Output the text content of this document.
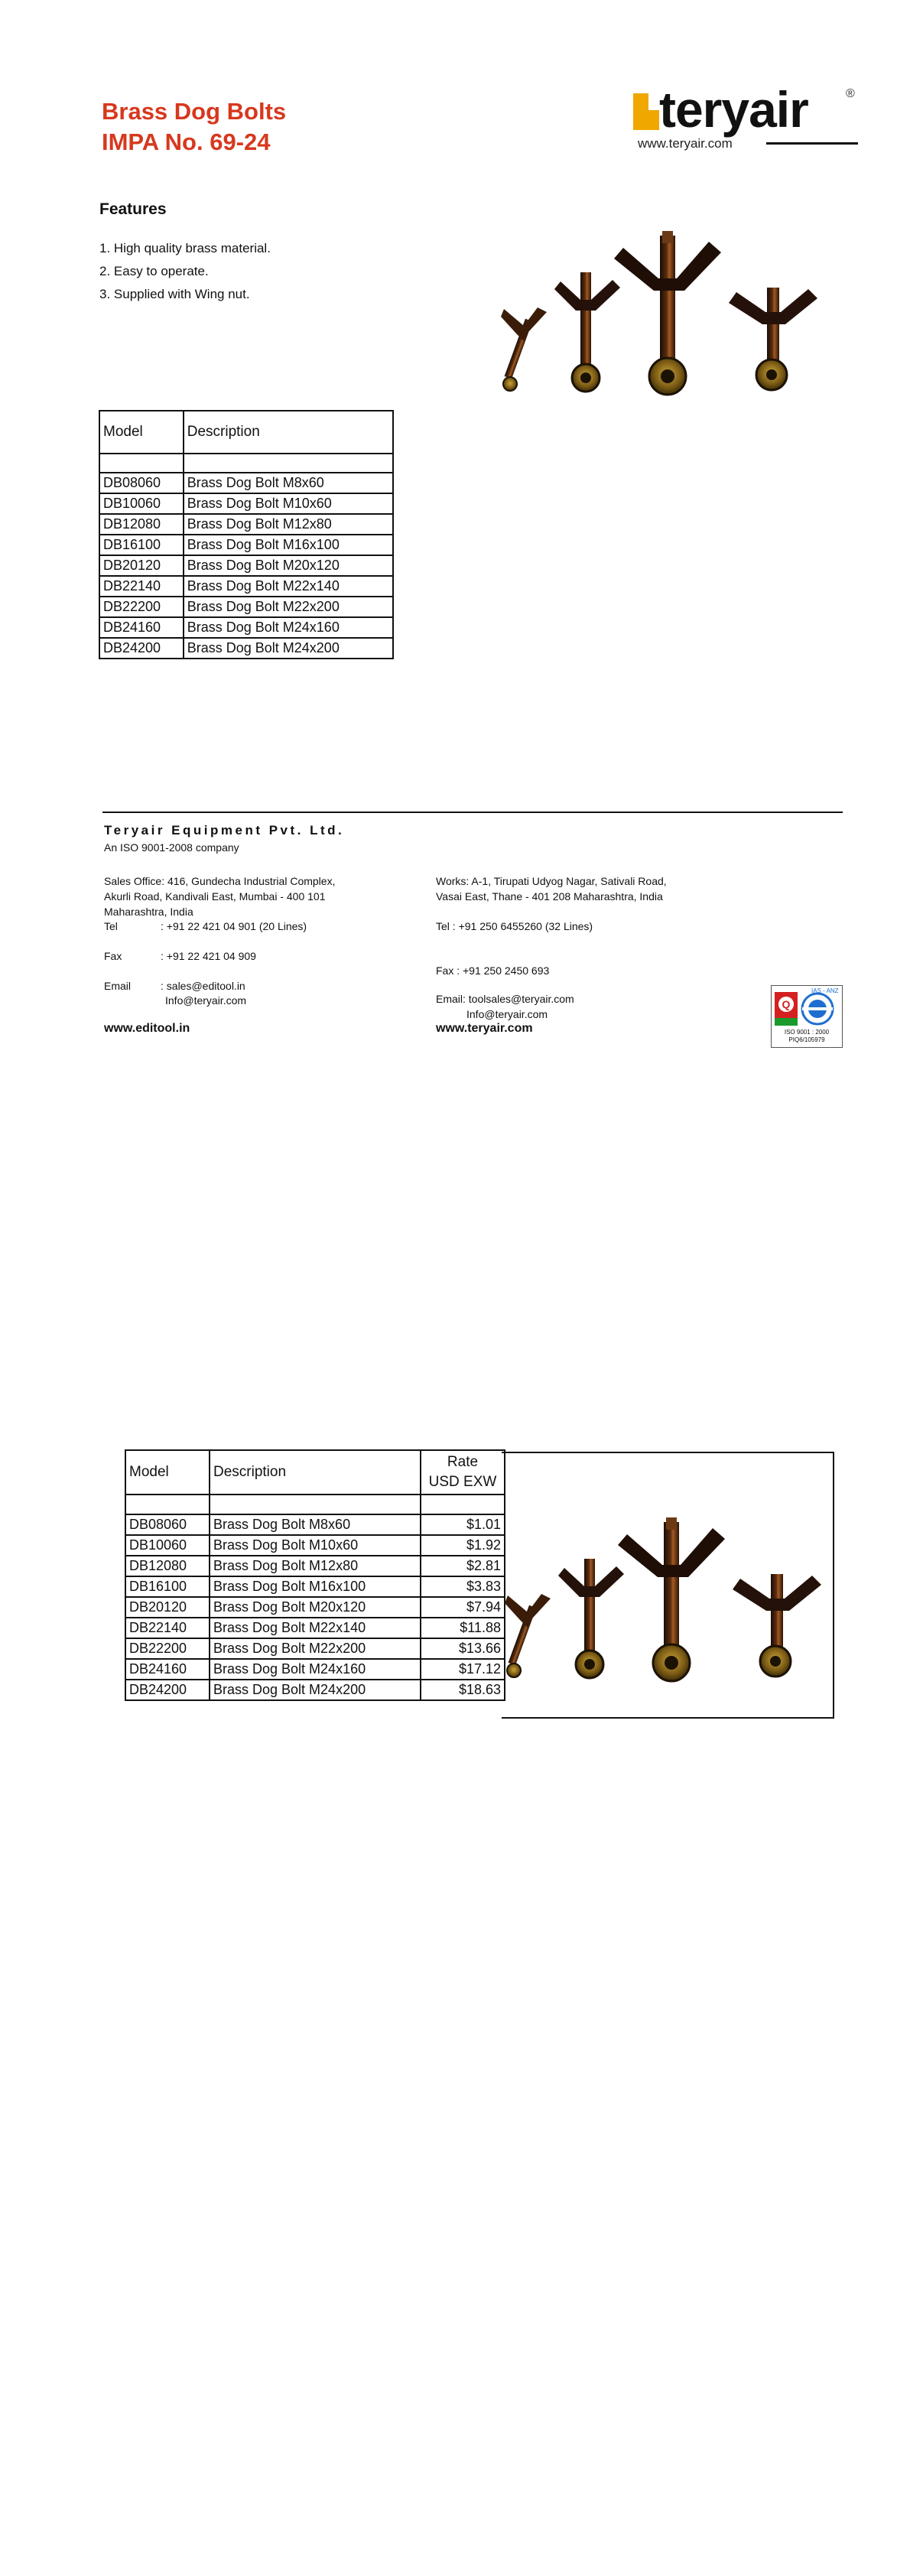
Brass Dog Bolts
IMPA No. 69-24
teryair	®
www.teryair.com
Features
1. High quality brass material.
2. Easy to operate.
3. Supplied with Wing nut.
Model	Description

DB08060	Brass Dog Bolt M8x60
DB10060	Brass Dog Bolt M10x60
DB12080	Brass Dog Bolt M12x80
DB16100	Brass Dog Bolt M16x100
DB20120	Brass Dog Bolt M20x120
DB22140	Brass Dog Bolt M22x140
DB22200	Brass Dog Bolt M22x200
DB24160	Brass Dog Bolt M24x160
DB24200	Brass Dog Bolt M24x200
Teryair Equipment Pvt. Ltd.
An ISO 9001-2008 company
Sales Office: 416, Gundecha Industrial Complex,
Akurli Road, Kandivali East, Mumbai - 400 101
Maharashtra, India
Tel	: +91 22 421 04 901 (20 Lines)
Fax	: +91 22 421 04 909
Email	: sales@editool.in
Info@teryair.com
www.editool.in
Works: A-1, Tirupati Udyog Nagar, Sativali Road,
Vasai East, Thane - 401 208 Maharashtra, India
Tel : +91 250 6455260 (32 Lines)
Fax : +91 250 2450 693
Email: toolsales@teryair.com
Info@teryair.com
www.teryair.com
Q
IAS - ANZ
ISO 9001 : 2000
PIQ6/105979
Model	Description	Rate
USD EXW

DB08060	Brass Dog Bolt M8x60	$1.01
DB10060	Brass Dog Bolt M10x60	$1.92
DB12080	Brass Dog Bolt M12x80	$2.81
DB16100	Brass Dog Bolt M16x100	$3.83
DB20120	Brass Dog Bolt M20x120	$7.94
DB22140	Brass Dog Bolt M22x140	$11.88
DB22200	Brass Dog Bolt M22x200	$13.66
DB24160	Brass Dog Bolt M24x160	$17.12
DB24200	Brass Dog Bolt M24x200	$18.63
